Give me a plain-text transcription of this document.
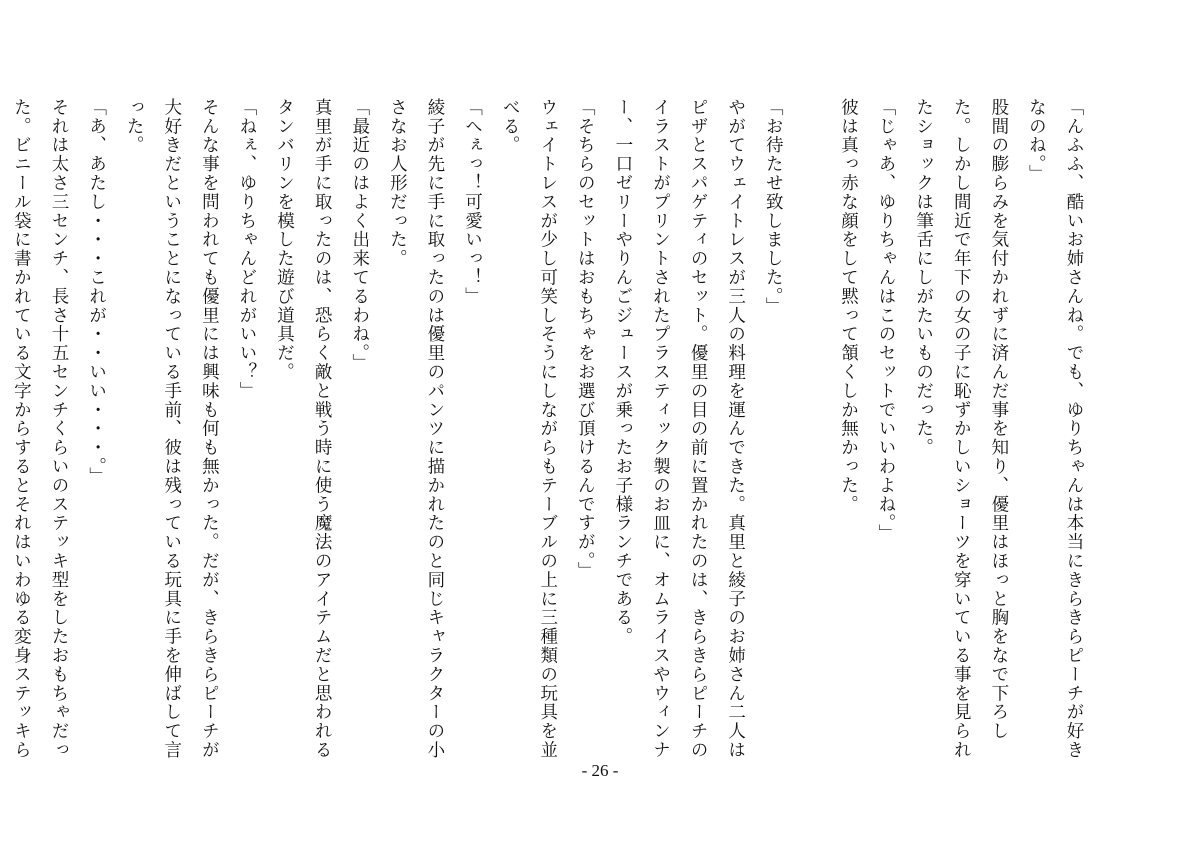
「んふふ、酷いお姉さんね。でも、ゆりちゃんは本当にきらきらピーチが好きなのね。」

股間の膨らみを気付かれずに済んだ事を知り、優里はほっと胸をなで下ろした。しかし間近で年下の女の子に恥ずかしいショーツを穿いている事を見られたショックは筆舌にしがたいものだった。

「じゃあ、ゆりちゃんはこのセットでいいわよね。」

彼は真っ赤な顔をして黙って頷くしか無かった。

「お待たせ致しました。」

やがてウェイトレスが三人の料理を運んできた。真里と綾子のお姉さん二人はピザとスパゲティのセット。優里の目の前に置かれたのは、きらきらピーチのイラストがプリントされたプラスティック製のお皿に、オムライスやウィンナー、一口ゼリーやりんごジュースが乗ったお子様ランチである。

「そちらのセットはおもちゃをお選び頂けるんですが。」

ウェイトレスが少し可笑しそうにしながらもテーブルの上に三種類の玩具を並べる。

「へぇっ！可愛いっ！」

綾子が先に手に取ったのは優里のパンツに描かれたのと同じキャラクターの小さなお人形だった。

「最近のはよく出来てるわね。」

真里が手に取ったのは、恐らく敵と戦う時に使う魔法のアイテムだと思われるタンバリンを模した遊び道具だ。

「ねぇ、ゆりちゃんどれがいい？」

そんな事を問われても優里には興味も何も無かった。だが、きらきらピーチが大好きだということになっている手前、彼は残っている玩具に手を伸ばして言った。

「あ、あたし・・・これが・・いい・・・。」

それは太さ三センチ、長さ十五センチくらいのステッキ型をしたおもちゃだった。ビニール袋に書かれている文字からするとそれはいわゆる変身ステッキら

- 26 -
